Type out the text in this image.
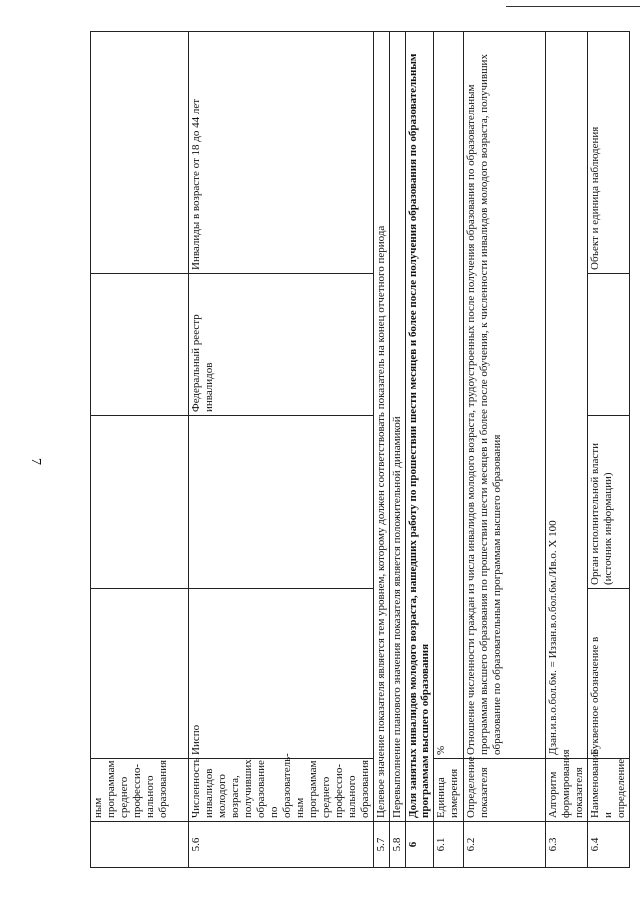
7
	ным программам среднего профессио-нального образования				
5.6	Численность инвалидов молодого возраста, получивших образование по образователь-ным программам среднего профессио-нального образования	Ииспо		Федеральный реестр инвалидов	Инвалиды в возрасте от 18 до 44 лет
5.7	Целевое значение показателя является тем уровнем, которому должен соответствовать показатель на конец отчетного периода				
5.8	Перевыполнение планового значения показателя является положительной динамикой				
6	Доля занятых инвалидов молодого возраста, нашедших работу по прошествии шести месяцев и более после получения образования по образовательным программам высшего образования				
6.1	Единица измерения	%			
6.2	Определение показателя	Отношение численности граждан из числа инвалидов молодого возраста, трудоустроенных после получения образования по образовательным программам высшего образования по прошествии шести месяцев и более после обучения, к численности инвалидов молодого возраста, получивших образование по образовательным программам высшего образования			
6.3	Алгоритм формирования показателя	Дзан.и.в.о.бол.6м. = Иззан.в.о.бол.6м./Ив.о. X 100			
6.4	Наименование и определение	Буквенное обозначение в	Орган исполнительной власти (источник информации)		Объект и единица наблюдения
